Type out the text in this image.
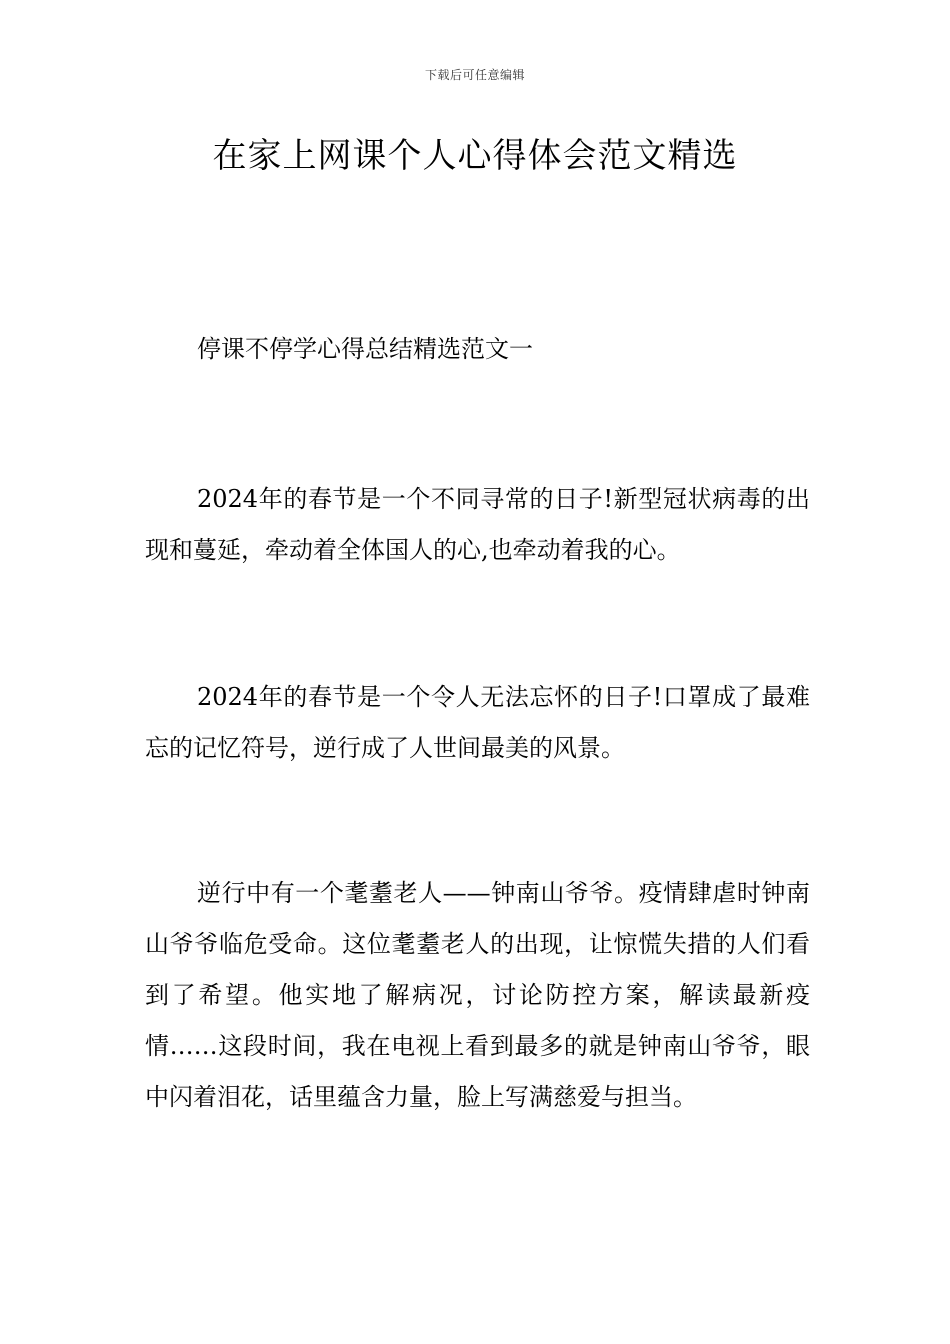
下载后可任意编辑
在家上网课个人心得体会范文精选

停课不停学心得总结精选范文一

2024年的春节是一个不同寻常的日子!新型冠状病毒的出现和蔓延，牵动着全体国人的心,也牵动着我的心。

2024年的春节是一个令人无法忘怀的日子!口罩成了最难忘的记忆符号，逆行成了人世间最美的风景。

逆行中有一个耄耋老人——钟南山爷爷。疫情肆虐时钟南山爷爷临危受命。这位耄耋老人的出现，让惊慌失措的人们看到了希望。他实地了解病况，讨论防控方案，解读最新疫情……这段时间，我在电视上看到最多的就是钟南山爷爷，眼中闪着泪花，话里蕴含力量，脸上写满慈爱与担当。
